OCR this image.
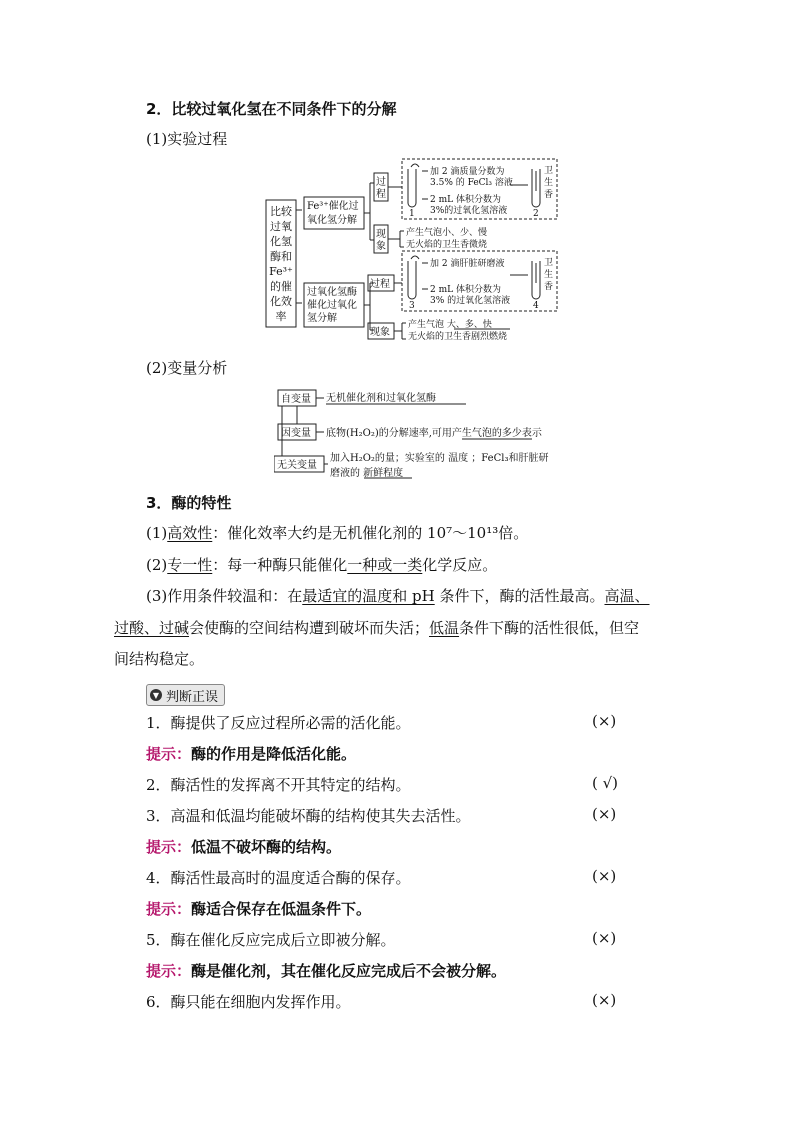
2．比较过氧化氢在不同条件下的分解
(1)实验过程
比较
过氧
化氢
酶和
Fe³⁺
的催
化效
率
Fe³⁺催化过
氧化氢分解
过氧化氢酶
催化过氧化
氢分解
过
程
现
象
过程
现象
加 2 滴质量分数为
3.5% 的 FeCl₃ 溶液
2 mL 体积分数为
3%的过氧化氢溶液
1	2
卫
生
香
产生气泡小、少、慢
无火焰的卫生香微烧
加 2 滴肝脏研磨液
2 mL 体积分数为
3% 的过氧化氢溶液
3	4
卫
生
香
产生气泡 大、多、快
无火焰的卫生香剧烈燃烧
(2)变量分析
自变量
因变量
无关变量
无机催化剂和过氧化氢酶
底物(H₂O₂)的分解速率,可用产生气泡的多少表示
加入H₂O₂的量；实验室的 温度 ；FeCl₃和肝脏研
磨液的 新鲜程度
3．酶的特性
(1)高效性：催化效率大约是无机催化剂的 10⁷～10¹³倍。
(2)专一性：每一种酶只能催化一种或一类化学反应。
(3)作用条件较温和：在最适宜的温度和 pH 条件下，酶的活性最高。高温、
过酸、过碱会使酶的空间结构遭到破坏而失活；低温条件下酶的活性很低，但空
间结构稳定。
▼ 判断正误
1．酶提供了反应过程所必需的活化能。	(×)
提示：酶的作用是降低活化能。
2．酶活性的发挥离不开其特定的结构。	( √)
3．高温和低温均能破坏酶的结构使其失去活性。	(×)
提示：低温不破坏酶的结构。
4．酶活性最高时的温度适合酶的保存。	(×)
提示：酶适合保存在低温条件下。
5．酶在催化反应完成后立即被分解。	(×)
提示：酶是催化剂，其在催化反应完成后不会被分解。
6．酶只能在细胞内发挥作用。	(×)
